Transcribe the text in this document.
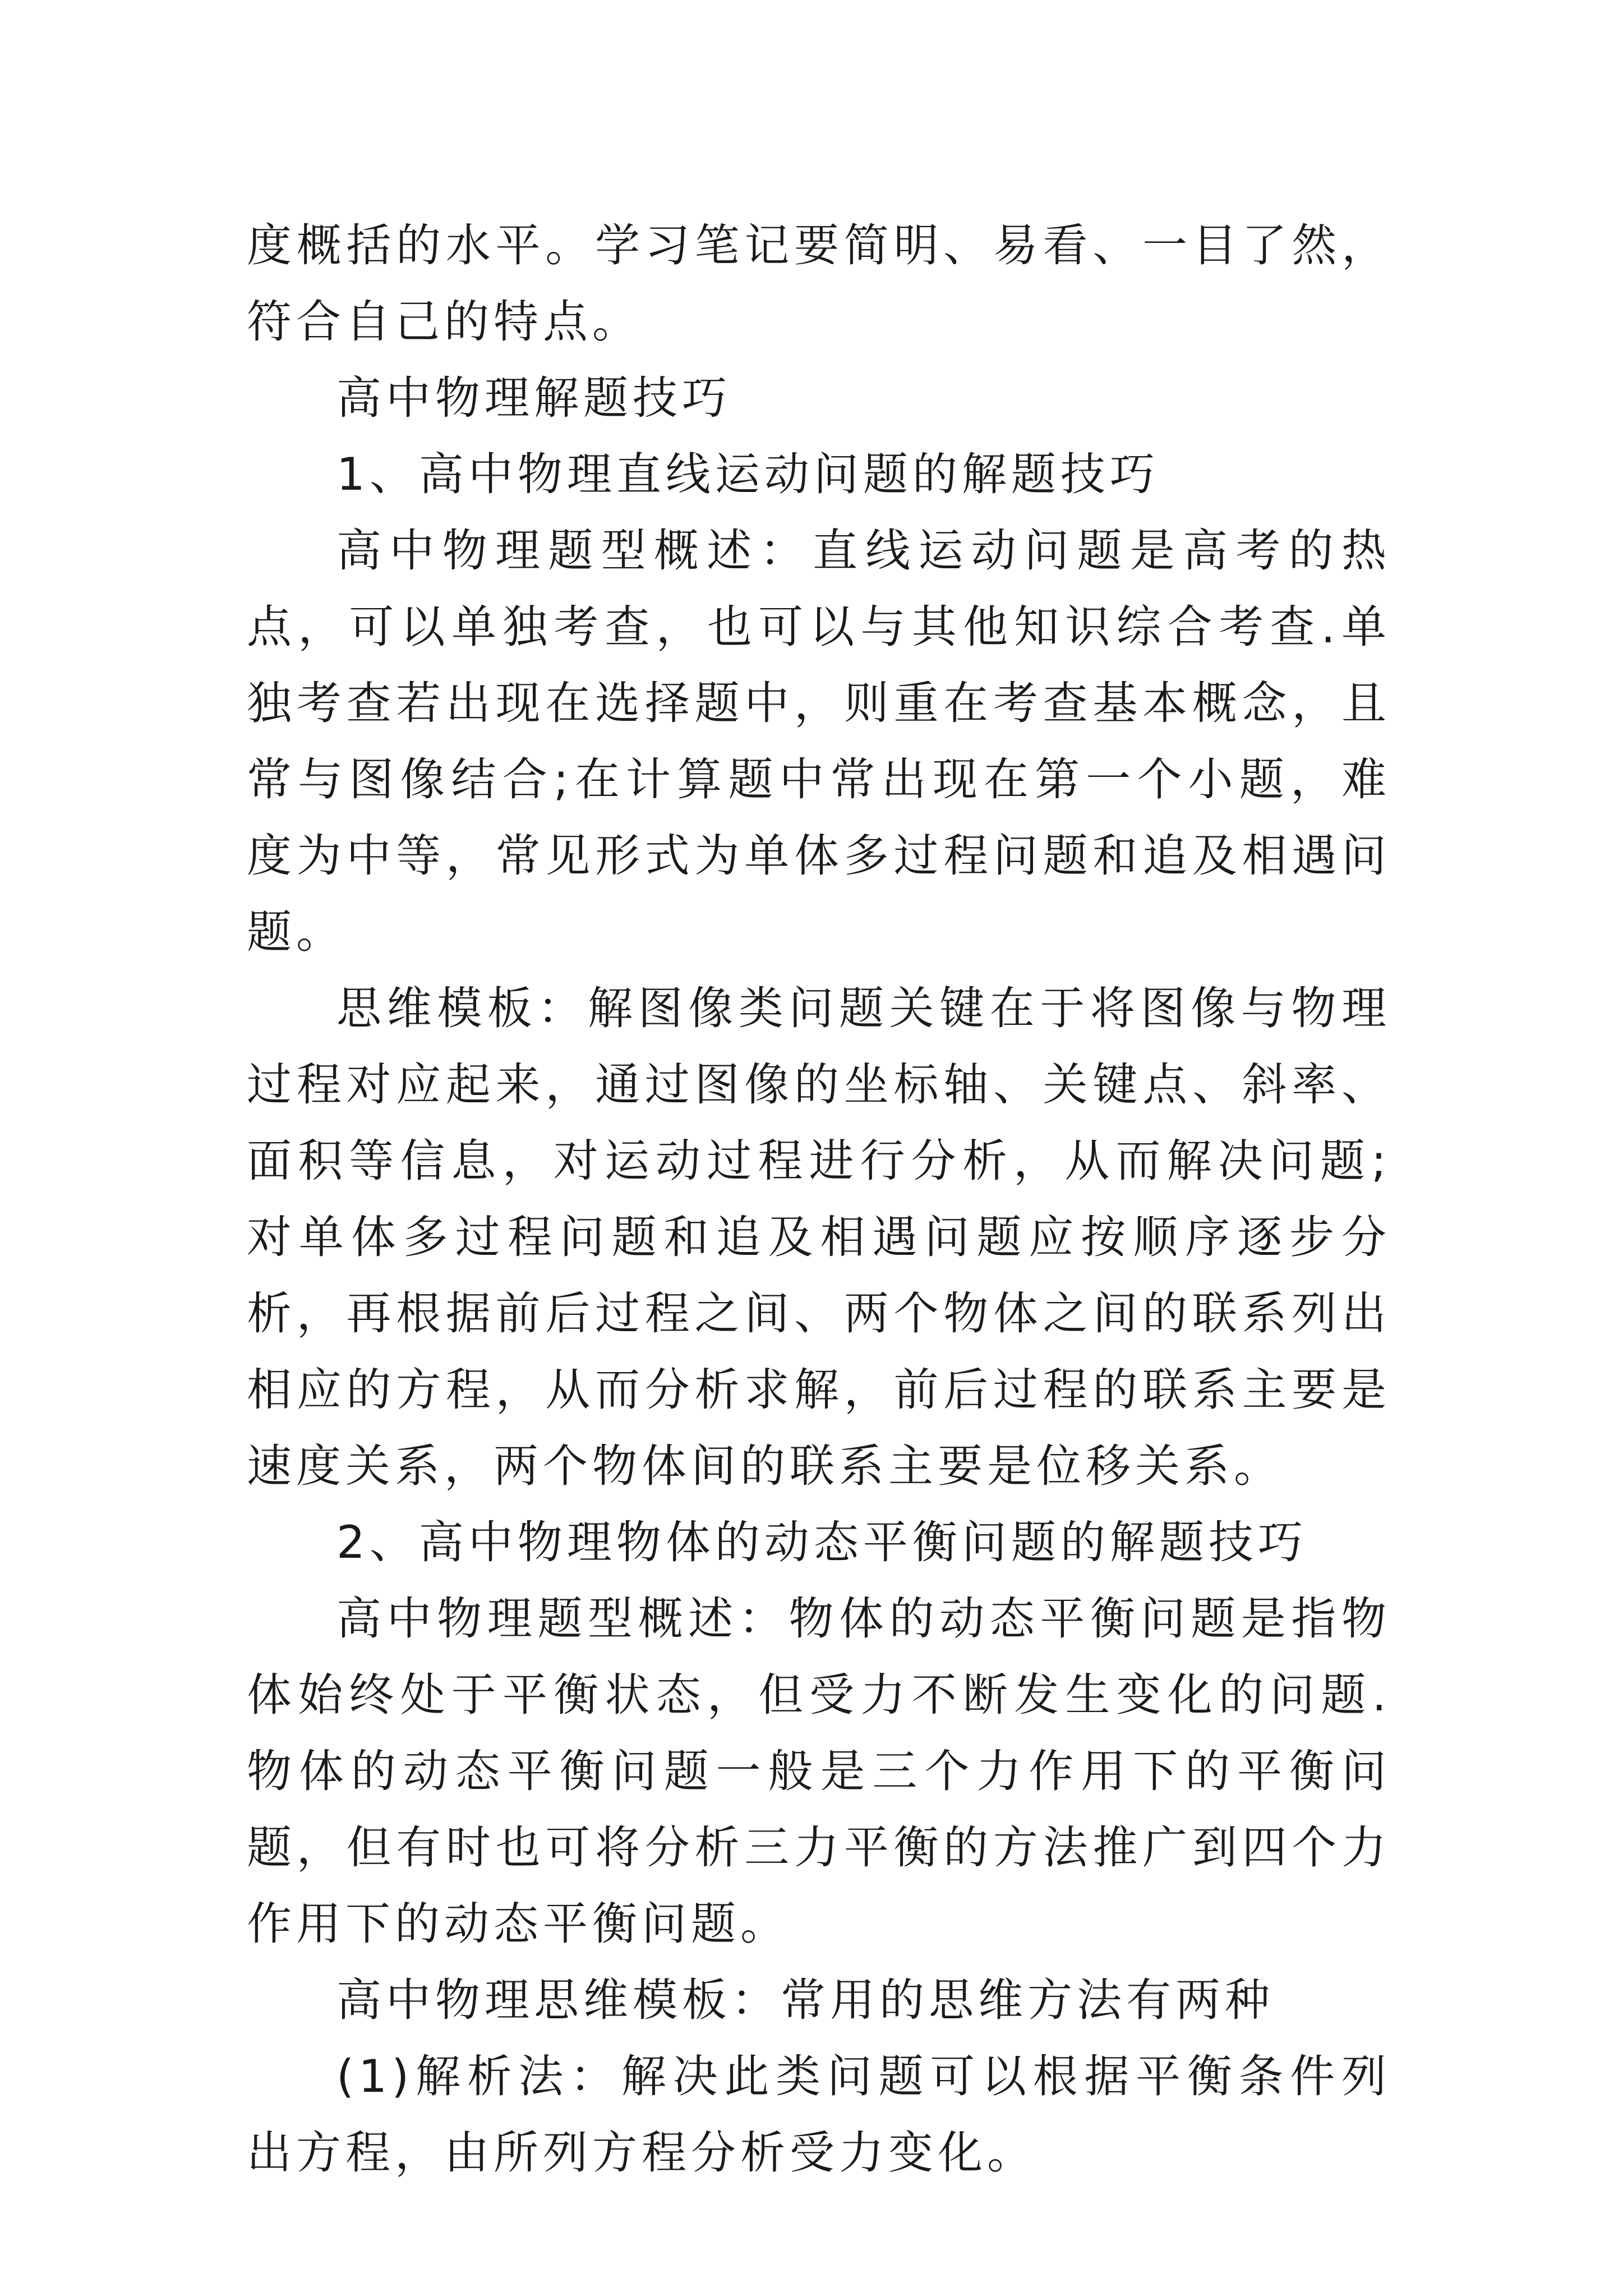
度概括的水平。学习笔记要简明、易看、一目了然，符合自己的特点。

高中物理解题技巧

1、高中物理直线运动问题的解题技巧

高中物理题型概述：直线运动问题是高考的热点，可以单独考查，也可以与其他知识综合考查.单独考查若出现在选择题中，则重在考查基本概念，且常与图像结合;在计算题中常出现在第一个小题，难度为中等，常见形式为单体多过程问题和追及相遇问题。

思维模板：解图像类问题关键在于将图像与物理过程对应起来，通过图像的坐标轴、关键点、斜率、面积等信息，对运动过程进行分析，从而解决问题;对单体多过程问题和追及相遇问题应按顺序逐步分析，再根据前后过程之间、两个物体之间的联系列出相应的方程，从而分析求解，前后过程的联系主要是速度关系，两个物体间的联系主要是位移关系。

2、高中物理物体的动态平衡问题的解题技巧

高中物理题型概述：物体的动态平衡问题是指物体始终处于平衡状态，但受力不断发生变化的问题.物体的动态平衡问题一般是三个力作用下的平衡问题，但有时也可将分析三力平衡的方法推广到四个力作用下的动态平衡问题。

高中物理思维模板：常用的思维方法有两种

(1)解析法：解决此类问题可以根据平衡条件列出方程，由所列方程分析受力变化。
